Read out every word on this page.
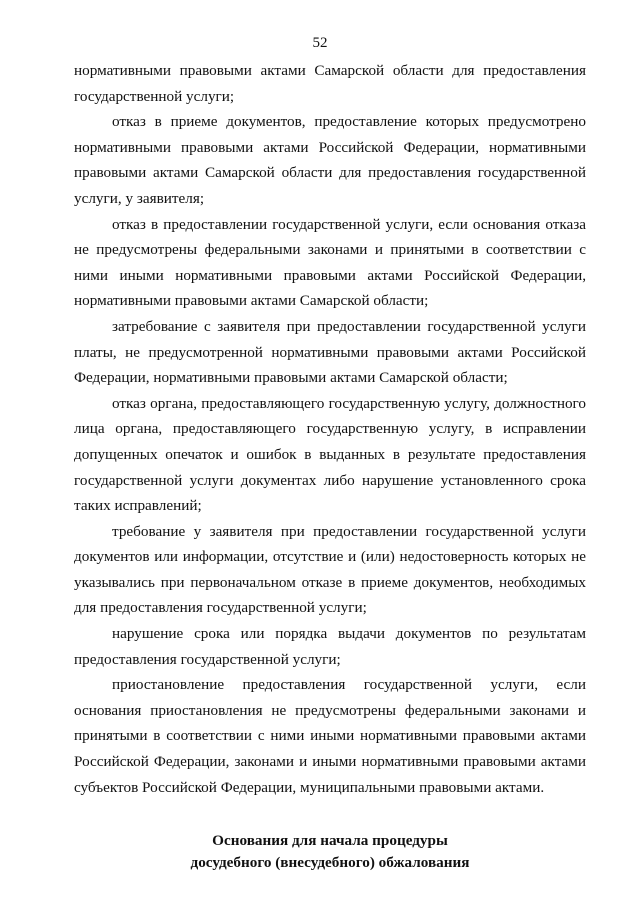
52

нормативными правовыми актами Самарской области для предоставления государственной услуги;

отказ в приеме документов, предоставление которых предусмотрено нормативными правовыми актами Российской Федерации, нормативными правовыми актами Самарской области для предоставления государственной услуги, у заявителя;

отказ в предоставлении государственной услуги, если основания отказа не предусмотрены федеральными законами и принятыми в соответствии с ними иными нормативными правовыми актами Российской Федерации, нормативными правовыми актами Самарской области;

затребование с заявителя при предоставлении государственной услуги платы, не предусмотренной нормативными правовыми актами Российской Федерации, нормативными правовыми актами Самарской области;

отказ органа, предоставляющего государственную услугу, должностного лица органа, предоставляющего государственную услугу, в исправлении допущенных опечаток и ошибок в выданных в результате предоставления государственной услуги документах либо нарушение установленного срока таких исправлений;

требование у заявителя при предоставлении государственной услуги документов или информации, отсутствие и (или) недостоверность которых не указывались при первоначальном отказе в приеме документов, необходимых для предоставления государственной услуги;

нарушение срока или порядка выдачи документов по результатам предоставления государственной услуги;

приостановление предоставления государственной услуги, если основания приостановления не предусмотрены федеральными законами и принятыми в соответствии с ними иными нормативными правовыми актами Российской Федерации, законами и иными нормативными правовыми актами субъектов Российской Федерации, муниципальными правовыми актами.

Основания для начала процедуры
досудебного (внесудебного) обжалования
